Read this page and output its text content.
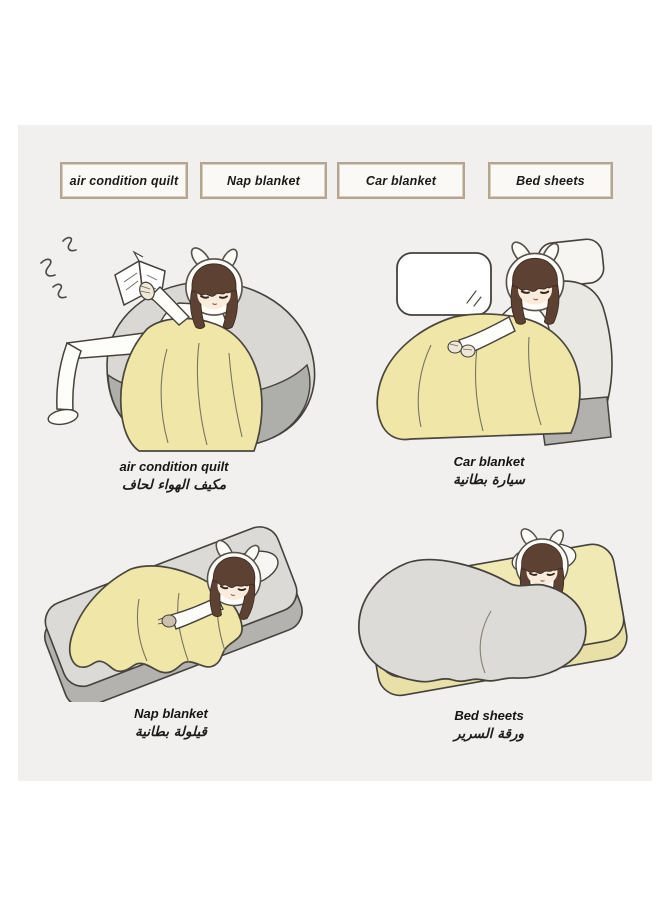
air condition quilt	Nap blanket	Car blanket	Bed sheets
air condition quilt
مكيف الهواء لحاف
Car blanket
سيارة بطانية
Nap blanket
قيلولة بطانية
Bed sheets
ورقة السرير
